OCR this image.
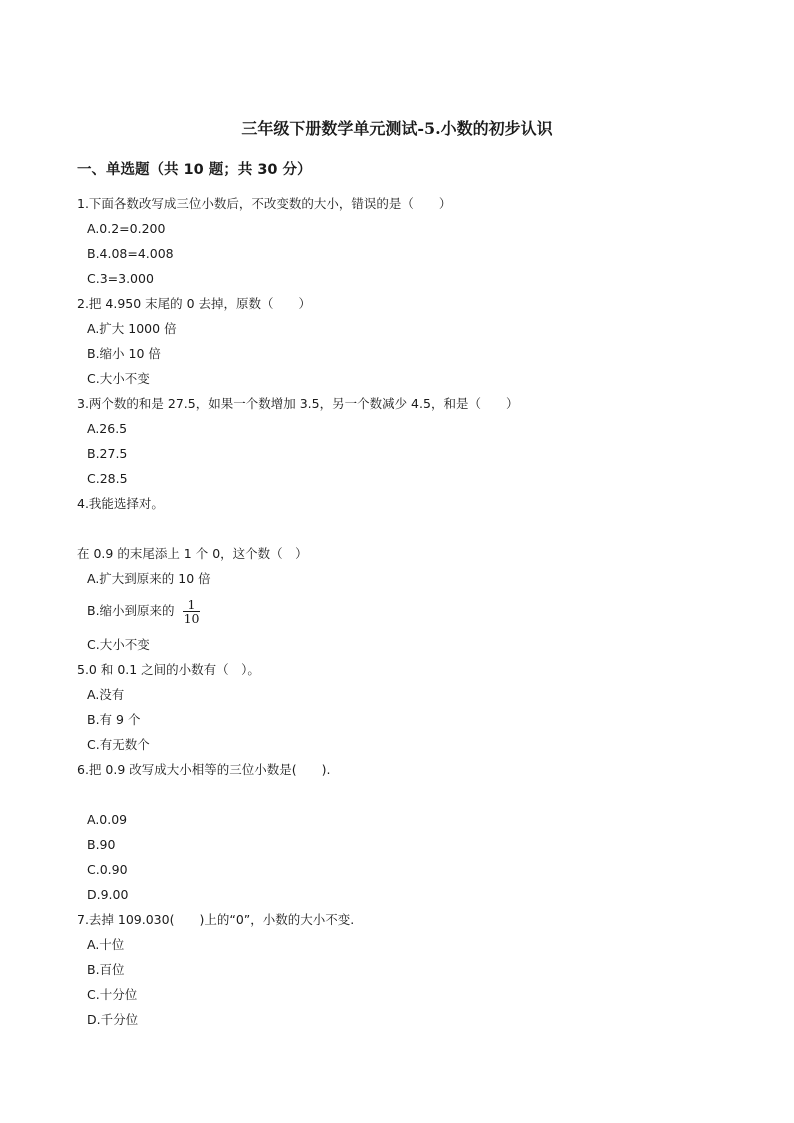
三年级下册数学单元测试-5.小数的初步认识
一、单选题（共 10 题；共 30 分）
1.下面各数改写成三位小数后，不改变数的大小，错误的是（　　）
A.0.2=0.200
B.4.08=4.008
C.3=3.000
2.把 4.950 末尾的 0 去掉，原数（　　）
A.扩大 1000 倍
B.缩小 10 倍
C.大小不变
3.两个数的和是 27.5，如果一个数增加 3.5，另一个数减少 4.5，和是（　　）
A.26.5
B.27.5
C.28.5
4.我能选择对。
在 0.9 的末尾添上 1 个 0，这个数（　）
A.扩大到原来的 10 倍
B.缩小到原来的 $\frac{1}{10}$
C.大小不变
5.0 和 0.1 之间的小数有（　）。
A.没有
B.有 9 个
C.有无数个
6.把 0.9 改写成大小相等的三位小数是(　　).
A.0.09
B.90
C.0.90
D.9.00
7.去掉 109.030(　　)上的“0”，小数的大小不变.
A.十位
B.百位
C.十分位
D.千分位
